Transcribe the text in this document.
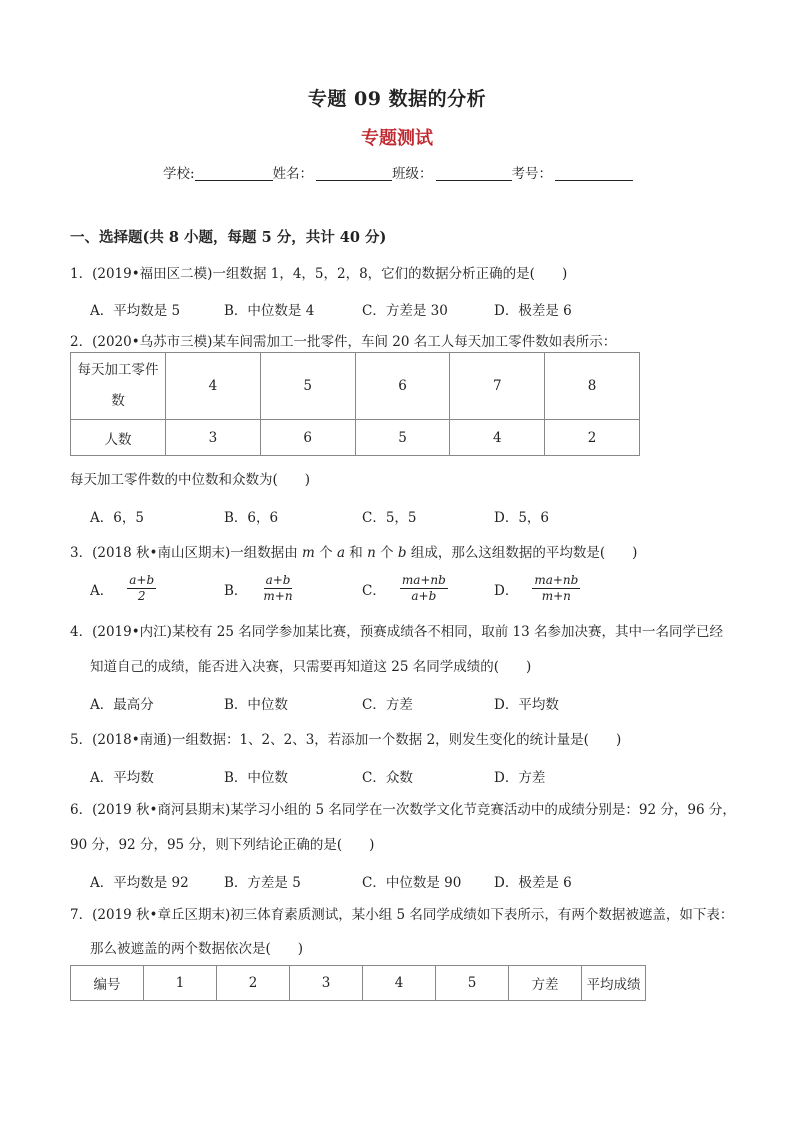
专题 09 数据的分析
专题测试
学校:	姓名：	班级：	考号：
一、选择题(共 8 小题，每题 5 分，共计 40 分)
1．(2019•福田区二模)一组数据 1，4，5，2，8，它们的数据分析正确的是(　　)
A．平均数是 5	B．中位数是 4	C．方差是 30	D．极差是 6
2．(2020•乌苏市三模)某车间需加工一批零件，车间 20 名工人每天加工零件数如表所示：
每天加工零件
数	4	5	6	7	8
人数	3	6	5	4	2
每天加工零件数的中位数和众数为(　　)
A．6，5	B．6，6	C．5，5	D．5，6
3．(2018 秋•南山区期末)一组数据由 m 个 a 和 n 个 b 组成，那么这组数据的平均数是(　　)
A． $\frac{a+b}{2}$	B． $\frac{a+b}{m+n}$	C． $\frac{ma+nb}{a+b}$	D． $\frac{ma+nb}{m+n}$
4．(2019•内江)某校有 25 名同学参加某比赛，预赛成绩各不相同，取前 13 名参加决赛，其中一名同学已经
知道自己的成绩，能否进入决赛，只需要再知道这 25 名同学成绩的(　　)
A．最高分	B．中位数	C．方差	D．平均数
5．(2018•南通)一组数据：1、2、2、3，若添加一个数据 2，则发生变化的统计量是(　　)
A．平均数	B．中位数	C．众数	D．方差
6．(2019 秋•商河县期末)某学习小组的 5 名同学在一次数学文化节竞赛活动中的成绩分别是：92 分，96 分，
90 分，92 分，95 分，则下列结论正确的是(　　)
A．平均数是 92	B．方差是 5	C．中位数是 90 D．极差是 6
7．(2019 秋•章丘区期末)初三体育素质测试，某小组 5 名同学成绩如下表所示，有两个数据被遮盖，如下表：
那么被遮盖的两个数据依次是(　　)
编号	1	2	3	4	5	方差	平均成绩
